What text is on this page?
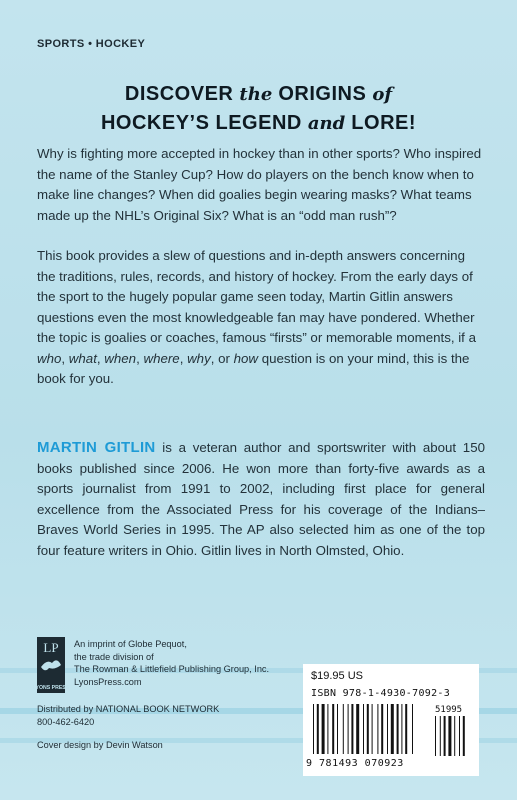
SPORTS • HOCKEY
DISCOVER the ORIGINS of
HOCKEY’S LEGEND and LORE!
Why is fighting more accepted in hockey than in other sports? Who inspired the name of the Stanley Cup? How do players on the bench know when to make line changes? When did goalies begin wearing masks? What teams made up the NHL’s Original Six? What is an “odd man rush”?
This book provides a slew of questions and in-depth answers concerning the traditions, rules, records, and history of hockey. From the early days of the sport to the hugely popular game seen today, Martin Gitlin answers questions even the most knowledgeable fan may have pondered. Whether the topic is goalies or coaches, famous “firsts” or memorable moments, if a who, what, when, where, why, or how question is on your mind, this is the book for you.
MARTIN GITLIN is a veteran author and sportswriter with about 150 books published since 2006. He won more than forty-five awards as a sports journalist from 1991 to 2002, including first place for general excellence from the Associated Press for his coverage of the Indians–Braves World Series in 1995. The AP also selected him as one of the top four feature writers in Ohio. Gitlin lives in North Olmsted, Ohio.
LP
LYONS PRESS
An imprint of Globe Pequot,
the trade division of
The Rowman & Littlefield Publishing Group, Inc.
LyonsPress.com
Distributed by NATIONAL BOOK NETWORK
800-462-6420
Cover design by Devin Watson
$19.95 US
ISBN 978-1-4930-7092-3
51995
9 781493 070923
